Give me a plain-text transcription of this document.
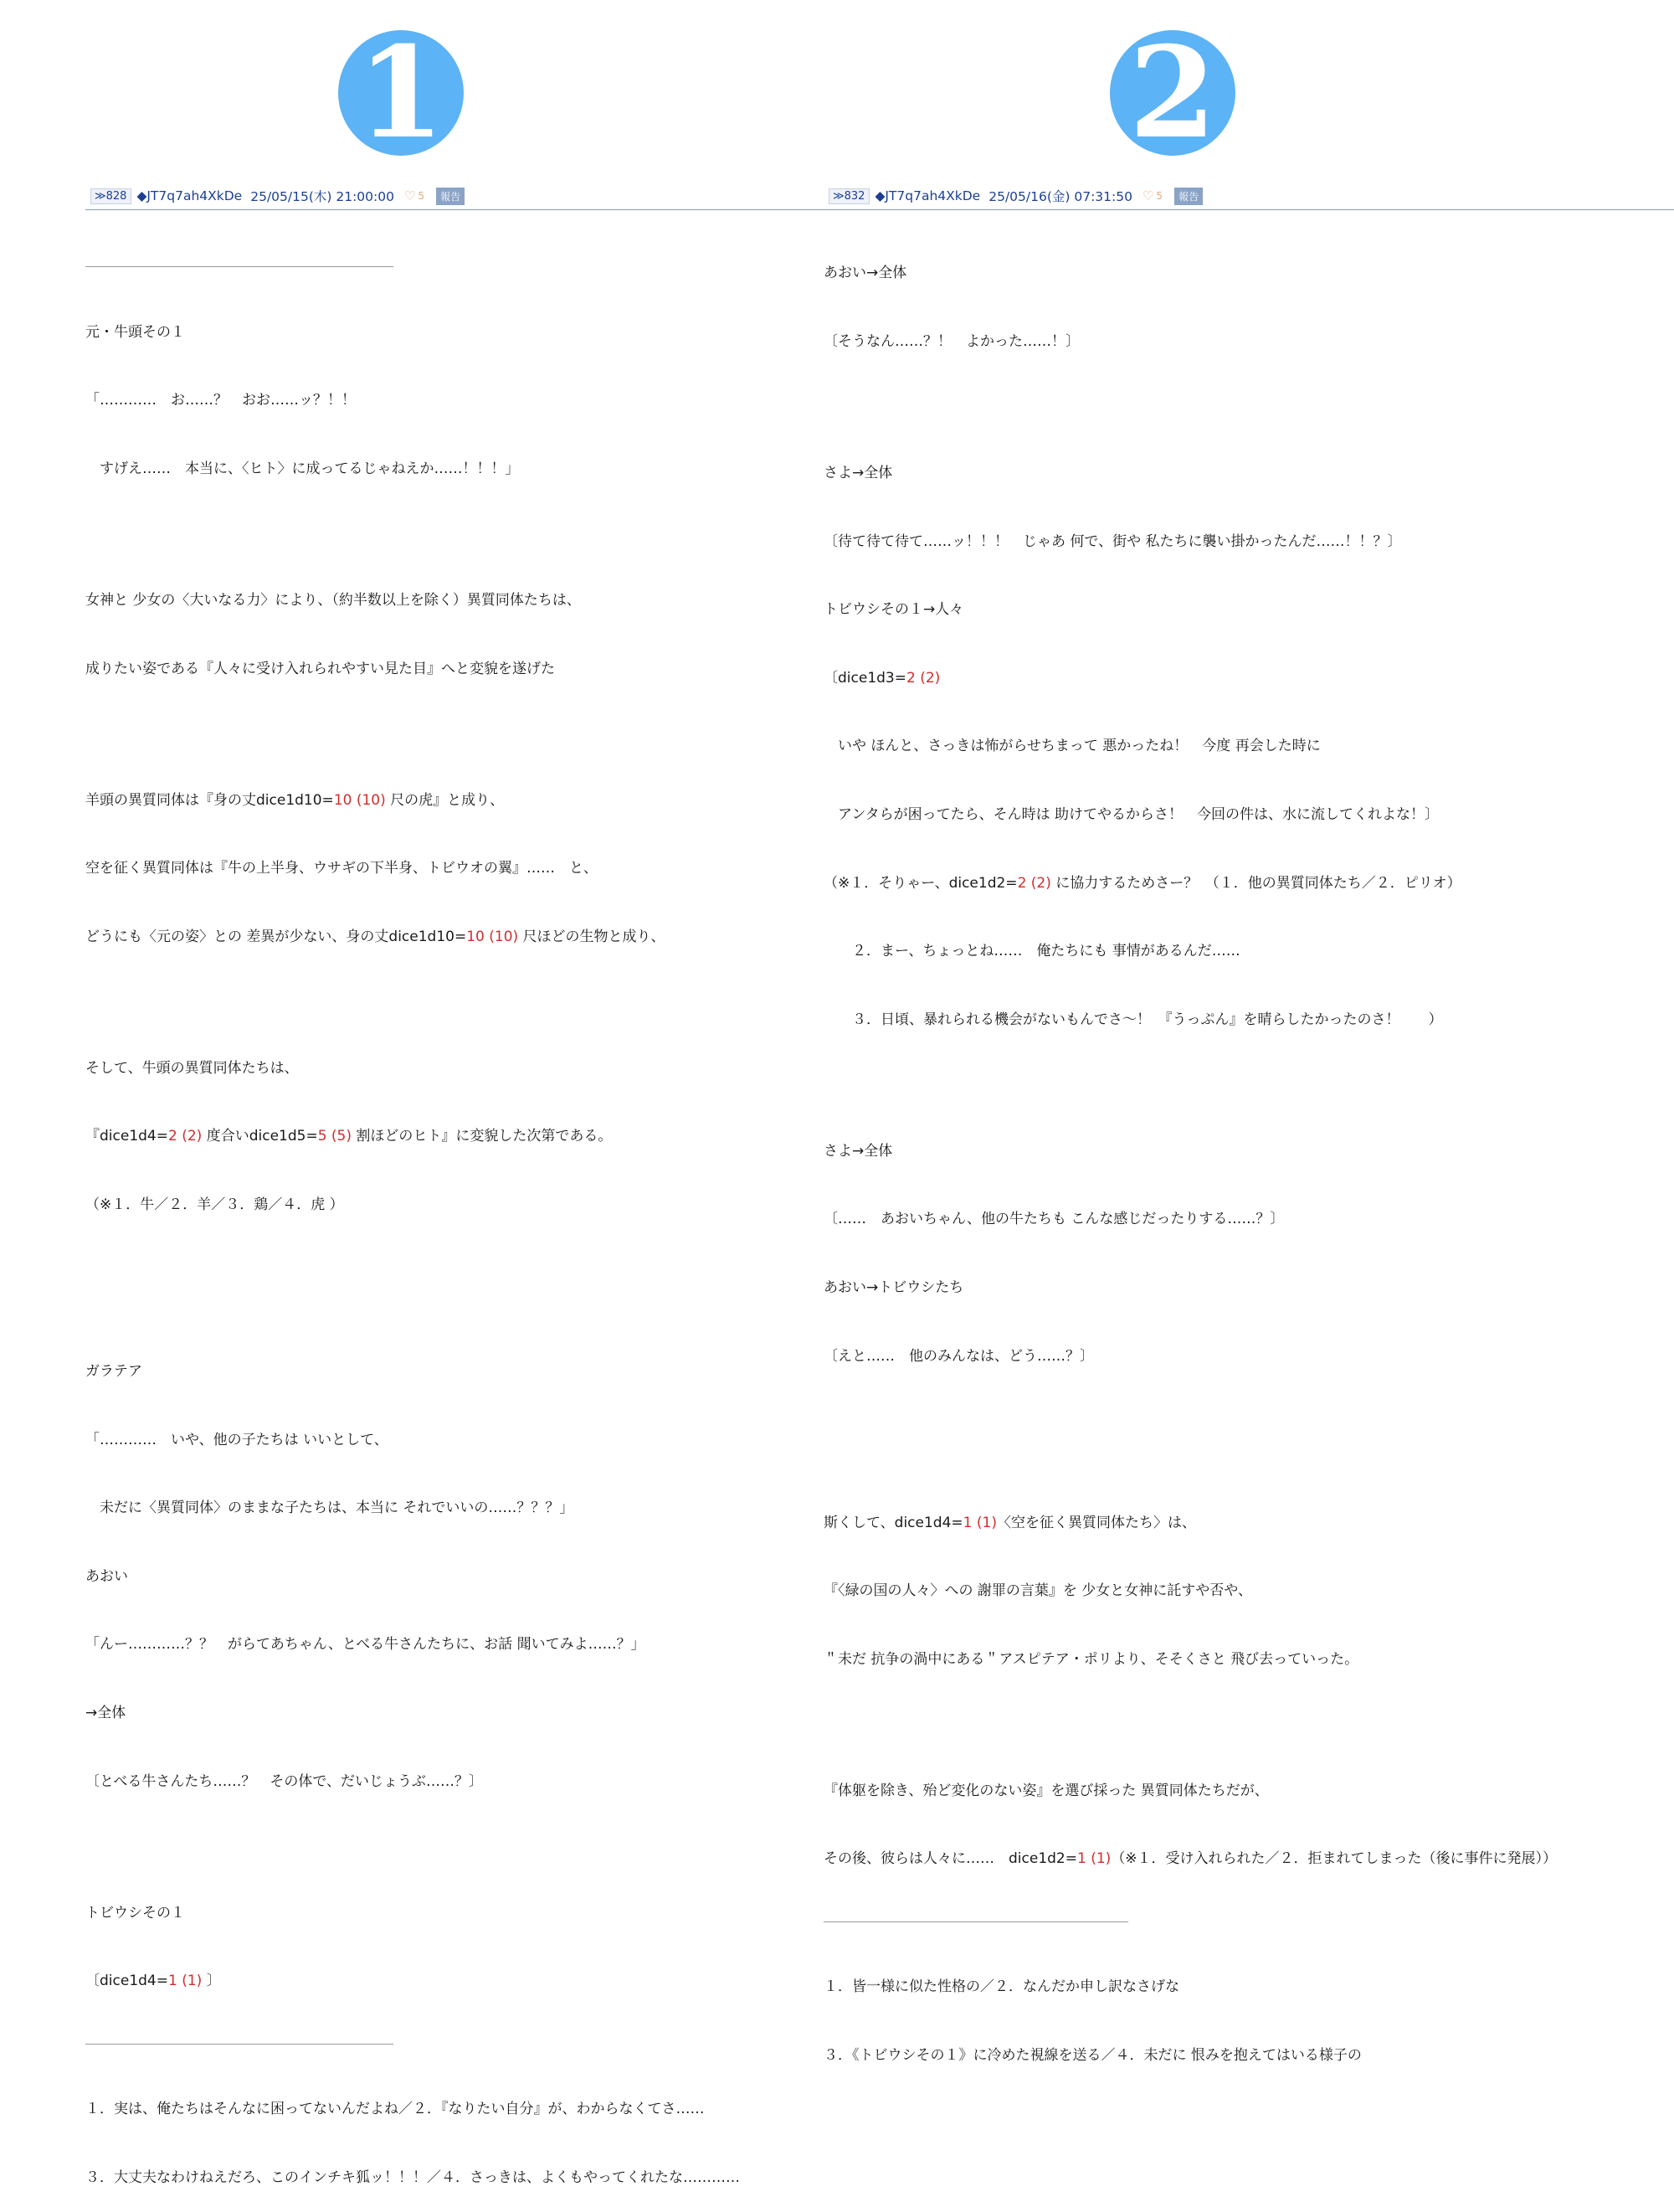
1	2
≫828 ◆JT7q7ah4XkDe 25/05/15(木) 21:00:00 ♡ 5	報告	≫832 ◆JT7q7ah4XkDe 25/05/16(金) 07:31:50 ♡ 5	報告

元・牛頭その１

「…………　お……？　おお……ッ？！！

　すげえ……　本当に、〈ヒト〉に成ってるじゃねえか……！！！」

女神と 少女の〈大いなる力〉により、（約半数以上を除く）異質同体たちは、

成りたい姿である『人々に受け入れられやすい見た目』へと変貌を遂げた

羊頭の異質同体は『身の丈dice1d10=10 (10) 尺の虎』と成り、

空を征く異質同体は『牛の上半身、ウサギの下半身、トビウオの翼』……　と、

どうにも〈元の姿〉との 差異が少ない、身の丈dice1d10=10 (10) 尺ほどの生物と成り、

そして、牛頭の異質同体たちは、

『dice1d4=2 (2) 度合いdice1d5=5 (5) 割ほどのヒト』に変貌した次第である。

（※１．牛／２．羊／３．鶏／４．虎 ）

ガラテア

「…………　いや、他の子たちは いいとして、

　未だに〈異質同体〉のままな子たちは、本当に それでいいの……？？？」

あおい

「んー…………？？　がらてあちゃん、とべる牛さんたちに、お話 聞いてみよ……？」

→全体

〔とべる牛さんたち……？　その体で、だいじょうぶ……？〕

トビウシその１

〔dice1d4=1 (1) 〕

１．実は、俺たちはそんなに困ってないんだよね／２．『なりたい自分』が、わからなくてさ……

３．大丈夫なわけねえだろ、このインチキ狐ッ！！！／４．さっきは、よくもやってくれたな…………

あおい→全体

〔そうなん……？！　よかった……！〕

さよ→全体

〔待て待て待て……ッ！！！　じゃあ 何で、街や 私たちに襲い掛かったんだ……！！？〕

トビウシその１→人々

〔dice1d3=2 (2)

　いや ほんと、さっきは怖がらせちまって 悪かったね！　今度 再会した時に

　アンタらが困ってたら、そん時は 助けてやるからさ！　今回の件は、水に流してくれよな！〕

（※１．そりゃー、dice1d2=2 (2) に協力するためさー？　（１．他の異質同体たち／２．ピリオ）

　　２．まー、ちょっとね……　俺たちにも 事情があるんだ……

　　３．日頃、暴れられる機会がないもんでさ～！　『うっぷん』を晴らしたかったのさ！　　）

さよ→全体

〔……　あおいちゃん、他の牛たちも こんな感じだったりする……？〕

あおい→トビウシたち

〔えと……　他のみんなは、どう……？〕

斯くして、dice1d4=1 (1)〈空を征く異質同体たち〉は、

『〈緑の国の人々〉への 謝罪の言葉』を 少女と女神に託すや否や、

＂未だ 抗争の渦中にある＂アスピテア・ポリより、そそくさと 飛び去っていった。

『体躯を除き、殆ど変化のない姿』を選び採った 異質同体たちだが、

その後、彼らは人々に……　dice1d2=1 (1)（※１．受け入れられた／２．拒まれてしまった（後に事件に発展））

１．皆一様に似た性格の／２．なんだか申し訳なさげな

３．《トビウシその１》に冷めた視線を送る／４．未だに 恨みを抱えてはいる様子の
